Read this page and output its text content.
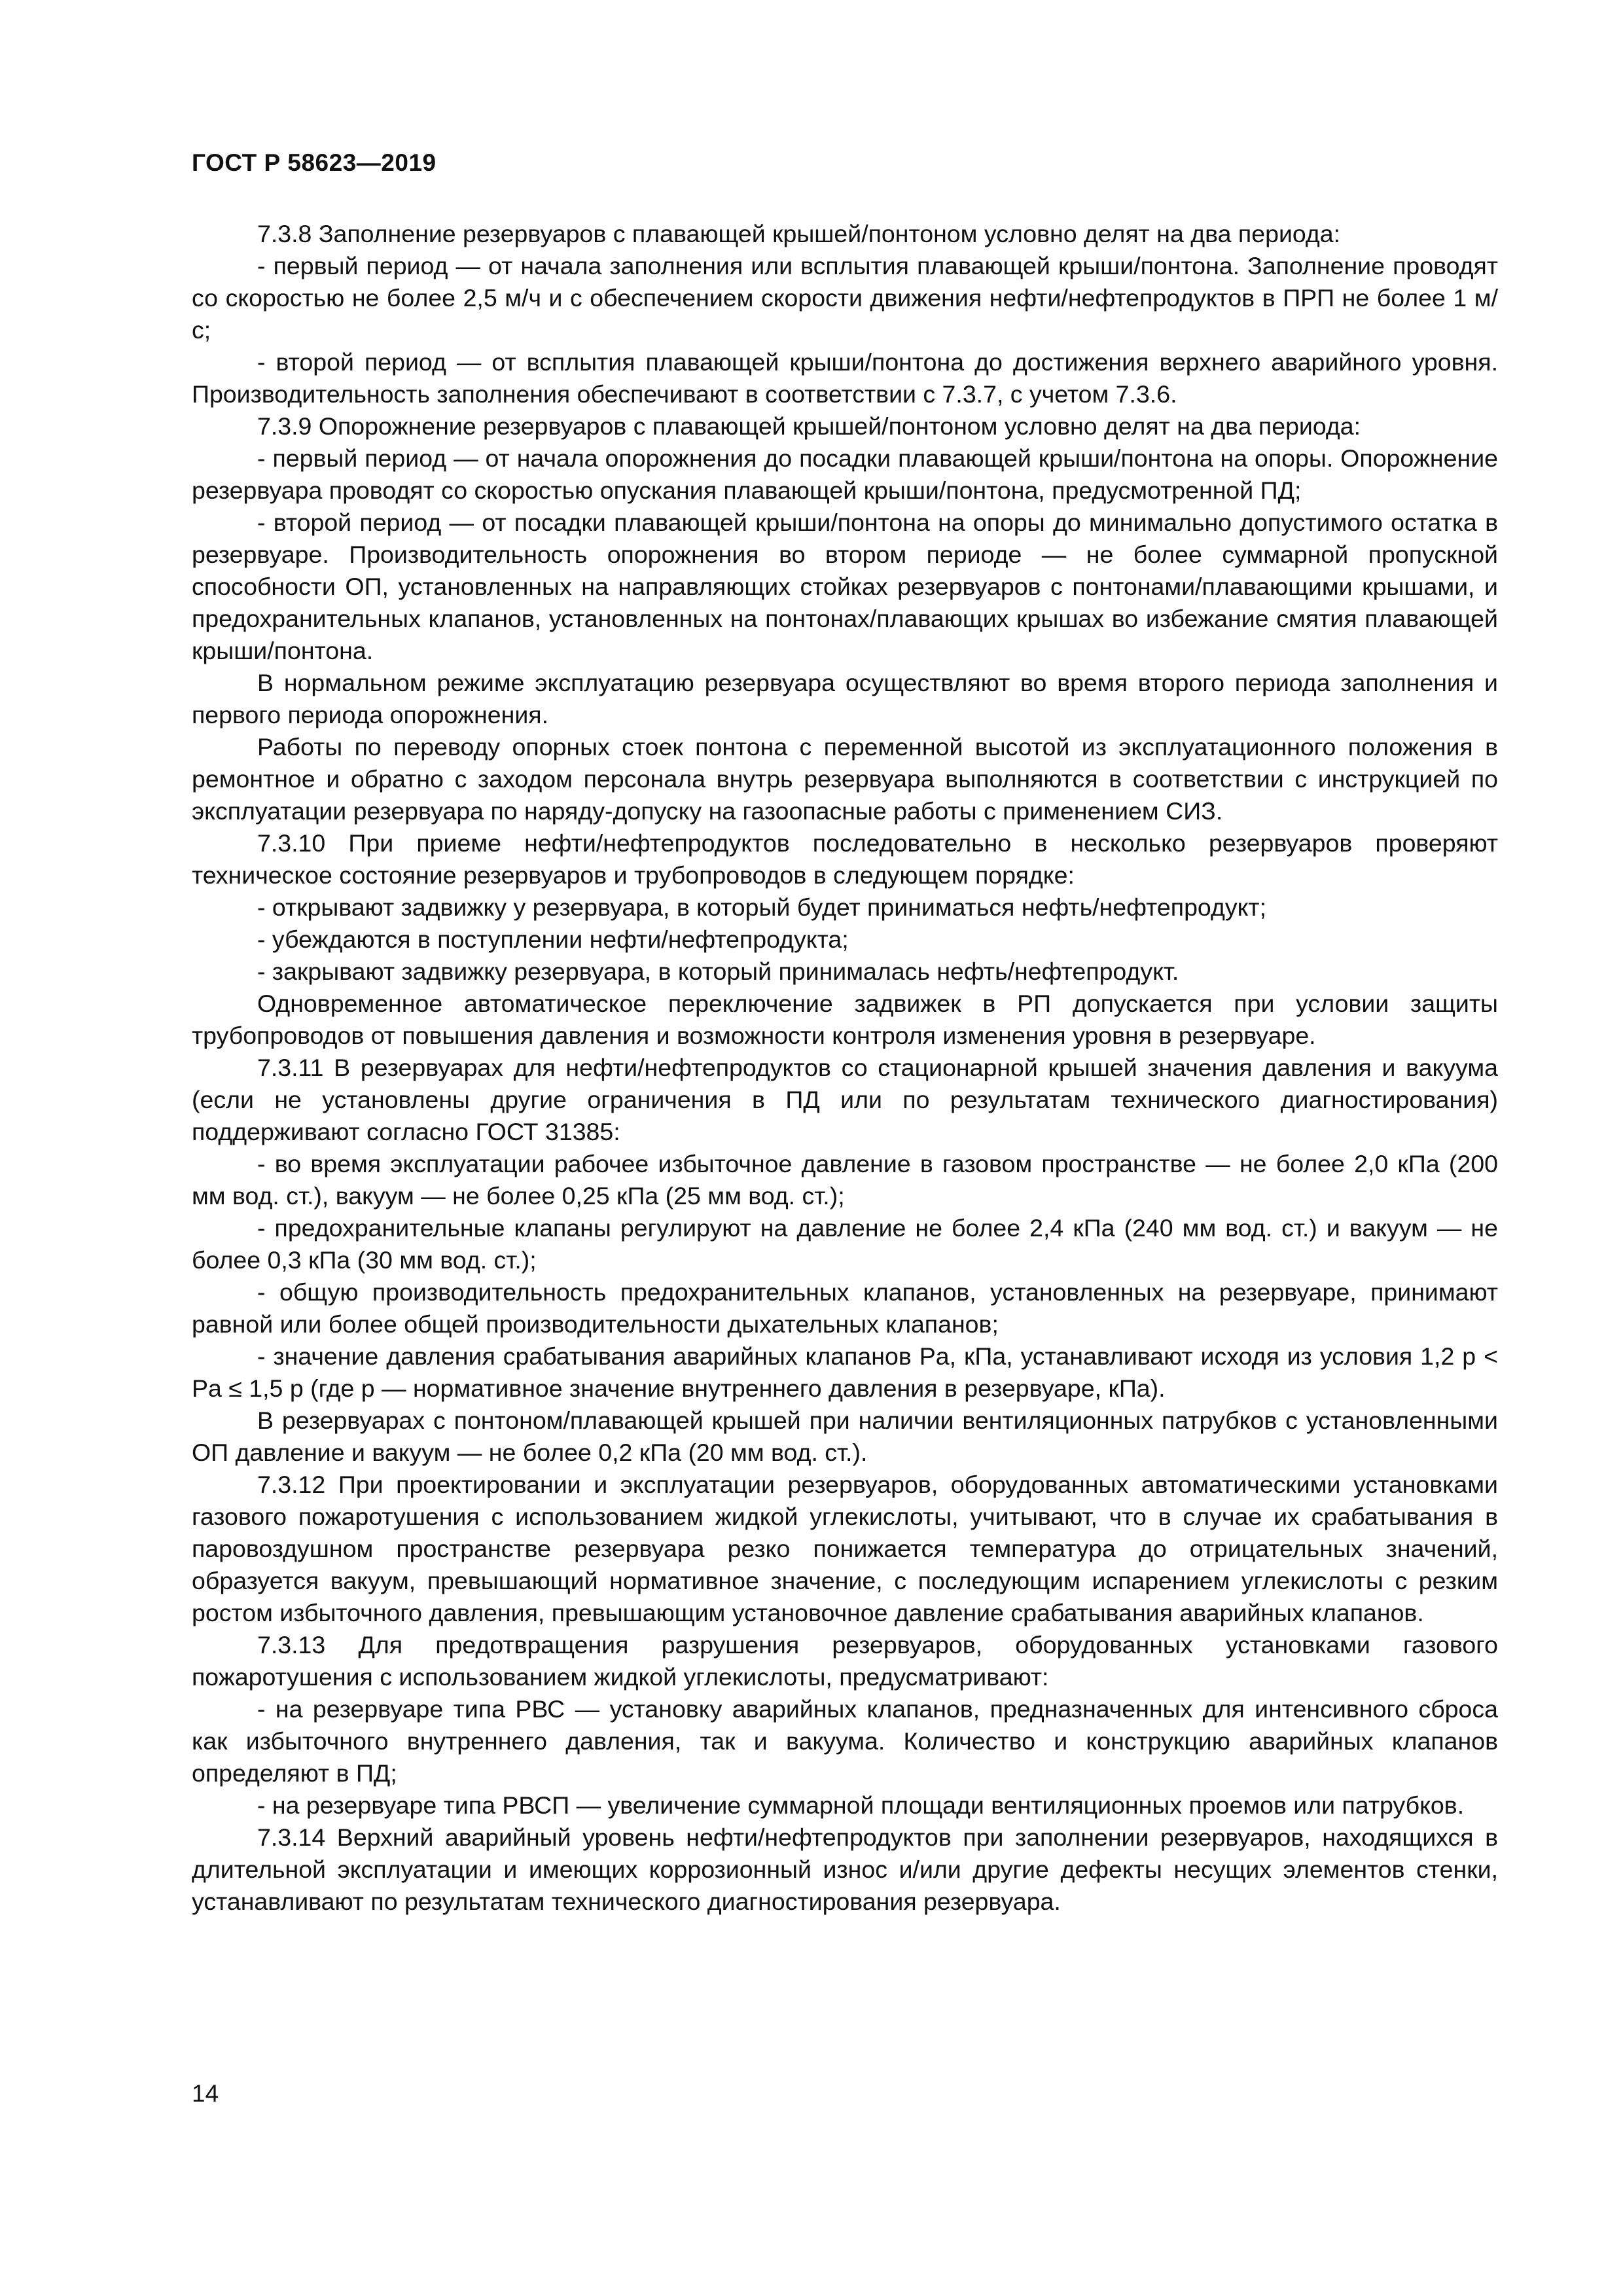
ГОСТ Р 58623—2019

7.3.8 Заполнение резервуаров с плавающей крышей/понтоном условно делят на два периода:

- первый период — от начала заполнения или всплытия плавающей крыши/понтона. Заполнение проводят со скоростью не более 2,5 м/ч и с обеспечением скорости движения нефти/нефтепродуктов в ПРП не более 1 м/с;

- второй период — от всплытия плавающей крыши/понтона до достижения верхнего аварийного уровня. Производительность заполнения обеспечивают в соответствии с 7.3.7, с учетом 7.3.6.

7.3.9 Опорожнение резервуаров с плавающей крышей/понтоном условно делят на два периода:

- первый период — от начала опорожнения до посадки плавающей крыши/понтона на опоры. Опорожнение резервуара проводят со скоростью опускания плавающей крыши/понтона, предусмотренной ПД;

- второй период — от посадки плавающей крыши/понтона на опоры до минимально допустимого остатка в резервуаре. Производительность опорожнения во втором периоде — не более суммарной пропускной способности ОП, установленных на направляющих стойках резервуаров с понтонами/плавающими крышами, и предохранительных клапанов, установленных на понтонах/плавающих крышах во избежание смятия плавающей крыши/понтона.

В нормальном режиме эксплуатацию резервуара осуществляют во время второго периода заполнения и первого периода опорожнения.

Работы по переводу опорных стоек понтона с переменной высотой из эксплуатационного положения в ремонтное и обратно с заходом персонала внутрь резервуара выполняются в соответствии с инструкцией по эксплуатации резервуара по наряду-допуску на газоопасные работы с применением СИЗ.

7.3.10 При приеме нефти/нефтепродуктов последовательно в несколько резервуаров проверяют техническое состояние резервуаров и трубопроводов в следующем порядке:

- открывают задвижку у резервуара, в который будет приниматься нефть/нефтепродукт;

- убеждаются в поступлении нефти/нефтепродукта;

- закрывают задвижку резервуара, в который принималась нефть/нефтепродукт.

Одновременное автоматическое переключение задвижек в РП допускается при условии защиты трубопроводов от повышения давления и возможности контроля изменения уровня в резервуаре.

7.3.11 В резервуарах для нефти/нефтепродуктов со стационарной крышей значения давления и вакуума (если не установлены другие ограничения в ПД или по результатам технического диагностирования) поддерживают согласно ГОСТ 31385:

- во время эксплуатации рабочее избыточное давление в газовом пространстве — не более 2,0 кПа (200 мм вод. ст.), вакуум — не более 0,25 кПа (25 мм вод. ст.);

- предохранительные клапаны регулируют на давление не более 2,4 кПа (240 мм вод. ст.) и вакуум — не более 0,3 кПа (30 мм вод. ст.);

- общую производительность предохранительных клапанов, установленных на резервуаре, принимают равной или более общей производительности дыхательных клапанов;

- значение давления срабатывания аварийных клапанов Pa, кПа, устанавливают исходя из условия 1,2 p < Pa ≤ 1,5 p (где p — нормативное значение внутреннего давления в резервуаре, кПа).

В резервуарах с понтоном/плавающей крышей при наличии вентиляционных патрубков с установленными ОП давление и вакуум — не более 0,2 кПа (20 мм вод. ст.).

7.3.12 При проектировании и эксплуатации резервуаров, оборудованных автоматическими установками газового пожаротушения с использованием жидкой углекислоты, учитывают, что в случае их срабатывания в паровоздушном пространстве резервуара резко понижается температура до отрицательных значений, образуется вакуум, превышающий нормативное значение, с последующим испарением углекислоты с резким ростом избыточного давления, превышающим установочное давление срабатывания аварийных клапанов.

7.3.13 Для предотвращения разрушения резервуаров, оборудованных установками газового пожаротушения с использованием жидкой углекислоты, предусматривают:

- на резервуаре типа РВС — установку аварийных клапанов, предназначенных для интенсивного сброса как избыточного внутреннего давления, так и вакуума. Количество и конструкцию аварийных клапанов определяют в ПД;

- на резервуаре типа РВСП — увеличение суммарной площади вентиляционных проемов или патрубков.

7.3.14 Верхний аварийный уровень нефти/нефтепродуктов при заполнении резервуаров, находящихся в длительной эксплуатации и имеющих коррозионный износ и/или другие дефекты несущих элементов стенки, устанавливают по результатам технического диагностирования резервуара.

14
